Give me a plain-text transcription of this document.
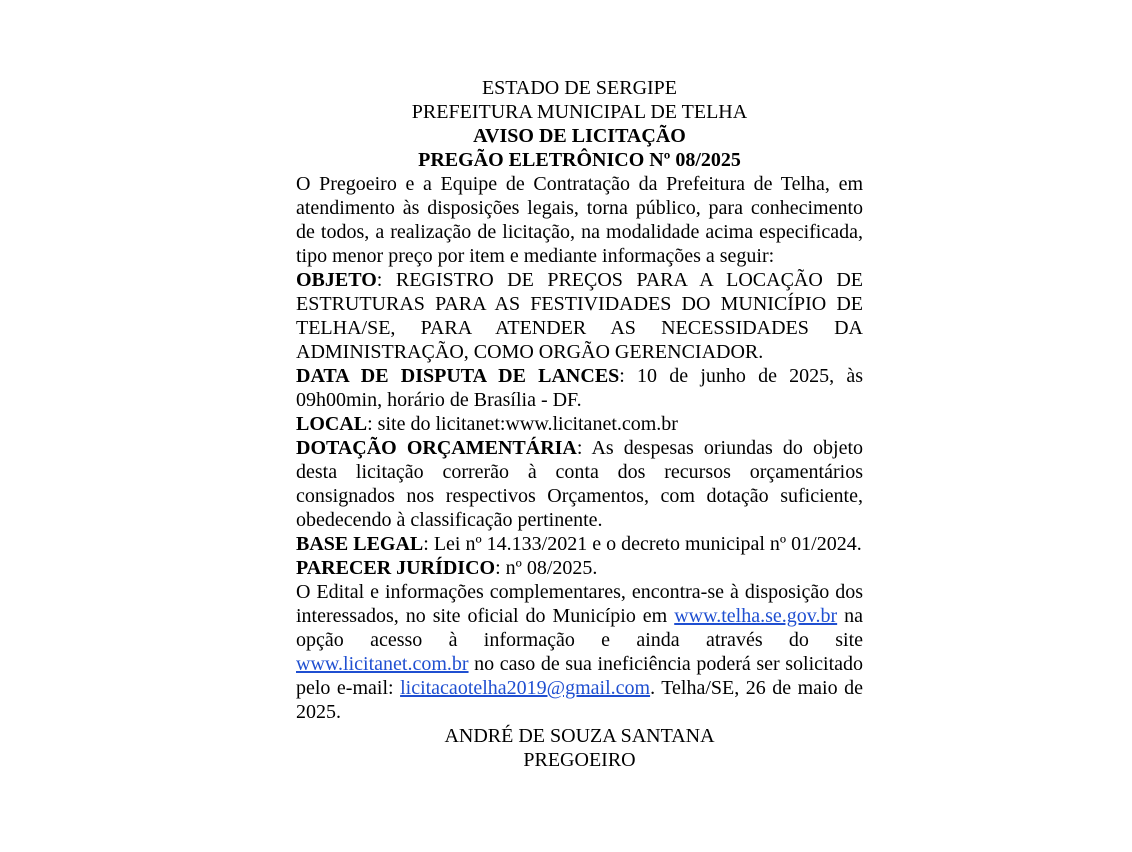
ESTADO DE SERGIPE

PREFEITURA MUNICIPAL DE TELHA

AVISO DE LICITAÇÃO

PREGÃO ELETRÔNICO Nº 08/2025

O Pregoeiro e a Equipe de Contratação da Prefeitura de Telha, em atendimento às disposições legais, torna público, para conhecimento de todos, a realização de licitação, na modalidade acima especificada, tipo menor preço por item e mediante informações a seguir:

OBJETO: REGISTRO DE PREÇOS PARA A LOCAÇÃO DE ESTRUTURAS PARA AS FESTIVIDADES DO MUNICÍPIO DE TELHA/SE, PARA ATENDER AS NECESSIDADES DA ADMINISTRAÇÃO, COMO ORGÃO GERENCIADOR.

DATA DE DISPUTA DE LANCES: 10 de junho de 2025, às 09h00min, horário de Brasília - DF.

LOCAL: site do licitanet:www.licitanet.com.br

DOTAÇÃO ORÇAMENTÁRIA: As despesas oriundas do objeto desta licitação correrão à conta dos recursos orçamentários consignados nos respectivos Orçamentos, com dotação suficiente, obedecendo à classificação pertinente.

BASE LEGAL: Lei nº 14.133/2021 e o decreto municipal nº 01/2024.

PARECER JURÍDICO: nº 08/2025.

O Edital e informações complementares, encontra-se à disposição dos interessados, no site oficial do Município em www.telha.se.gov.br na opção acesso à informação e ainda através do site www.licitanet.com.br no caso de sua ineficiência poderá ser solicitado pelo e-mail: licitacaotelha2019@gmail.com. Telha/SE, 26 de maio de 2025.

ANDRÉ DE SOUZA SANTANA

PREGOEIRO
